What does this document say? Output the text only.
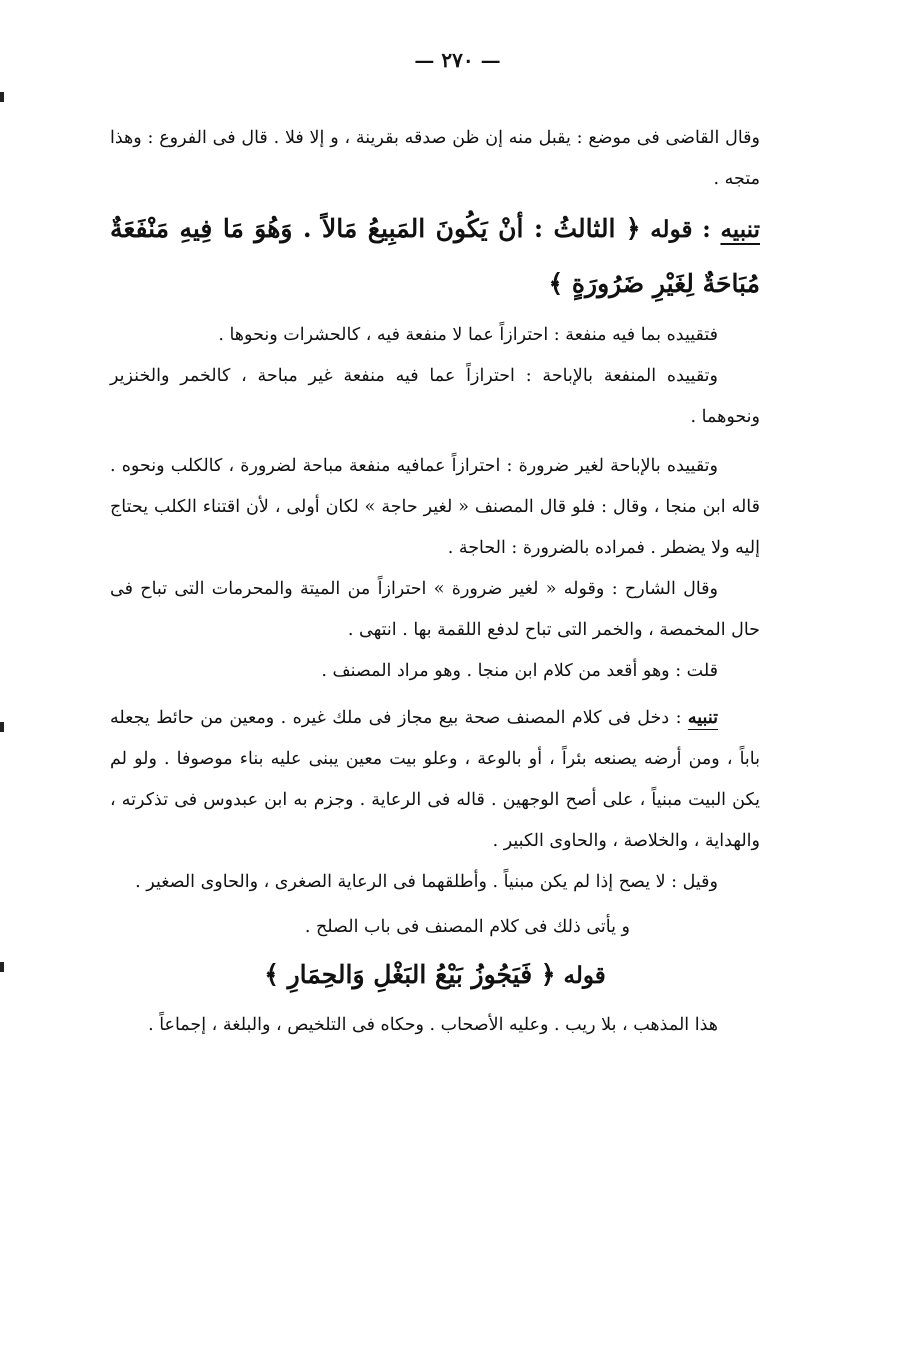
— ٢٧٠ —

وقال القاضى فى موضع : يقبل منه إن ظن صدقه بقرينة ، و إلا فلا . قال فى الفروع : وهذا متجه .

تنبيه : قوله ﴿ الثالثُ : أنْ يَكُونَ المَبِيعُ مَالاً . وَهُوَ مَا فِيهِ مَنْفَعَةٌ مُبَاحَةٌ لِغَيْرِ ضَرُورَةٍ ﴾

فتقييده بما فيه منفعة : احترازاً عما لا منفعة فيه ، كالحشرات ونحوها .

وتقييده المنفعة بالإباحة : احترازاً عما فيه منفعة غير مباحة ، كالخمر والخنزير ونحوهما .

وتقييده بالإباحة لغير ضرورة : احترازاً عمافيه منفعة مباحة لضرورة ، كالكلب ونحوه . قاله ابن منجا ، وقال : فلو قال المصنف « لغير حاجة » لكان أولى ، لأن اقتناء الكلب يحتاج إليه ولا يضطر . فمراده بالضرورة : الحاجة .

وقال الشارح : وقوله « لغير ضرورة » احترازاً من الميتة والمحرمات التى تباح فى حال المخمصة ، والخمر التى تباح لدفع اللقمة بها . انتهى .

قلت : وهو أقعد من كلام ابن منجا . وهو مراد المصنف .

تنبيه : دخل فى كلام المصنف صحة بيع مجاز فى ملك غيره . ومعين من حائط يجعله باباً ، ومن أرضه يصنعه بئراً ، أو بالوعة ، وعلو بيت معين يبنى عليه بناء موصوفا . ولو لم يكن البيت مبنياً ، على أصح الوجهين . قاله فى الرعاية . وجزم به ابن عبدوس فى تذكرته ، والهداية ، والخلاصة ، والحاوى الكبير .

وقيل : لا يصح إذا لم يكن مبنياً . وأطلقهما فى الرعاية الصغرى ، والحاوى الصغير .

و يأتى ذلك فى كلام المصنف فى باب الصلح .

قوله ﴿ فَيَجُوزُ بَيْعُ البَغْلِ وَالحِمَارِ ﴾

هذا المذهب ، بلا ريب . وعليه الأصحاب . وحكاه فى التلخيص ، والبلغة ، إجماعاً .
